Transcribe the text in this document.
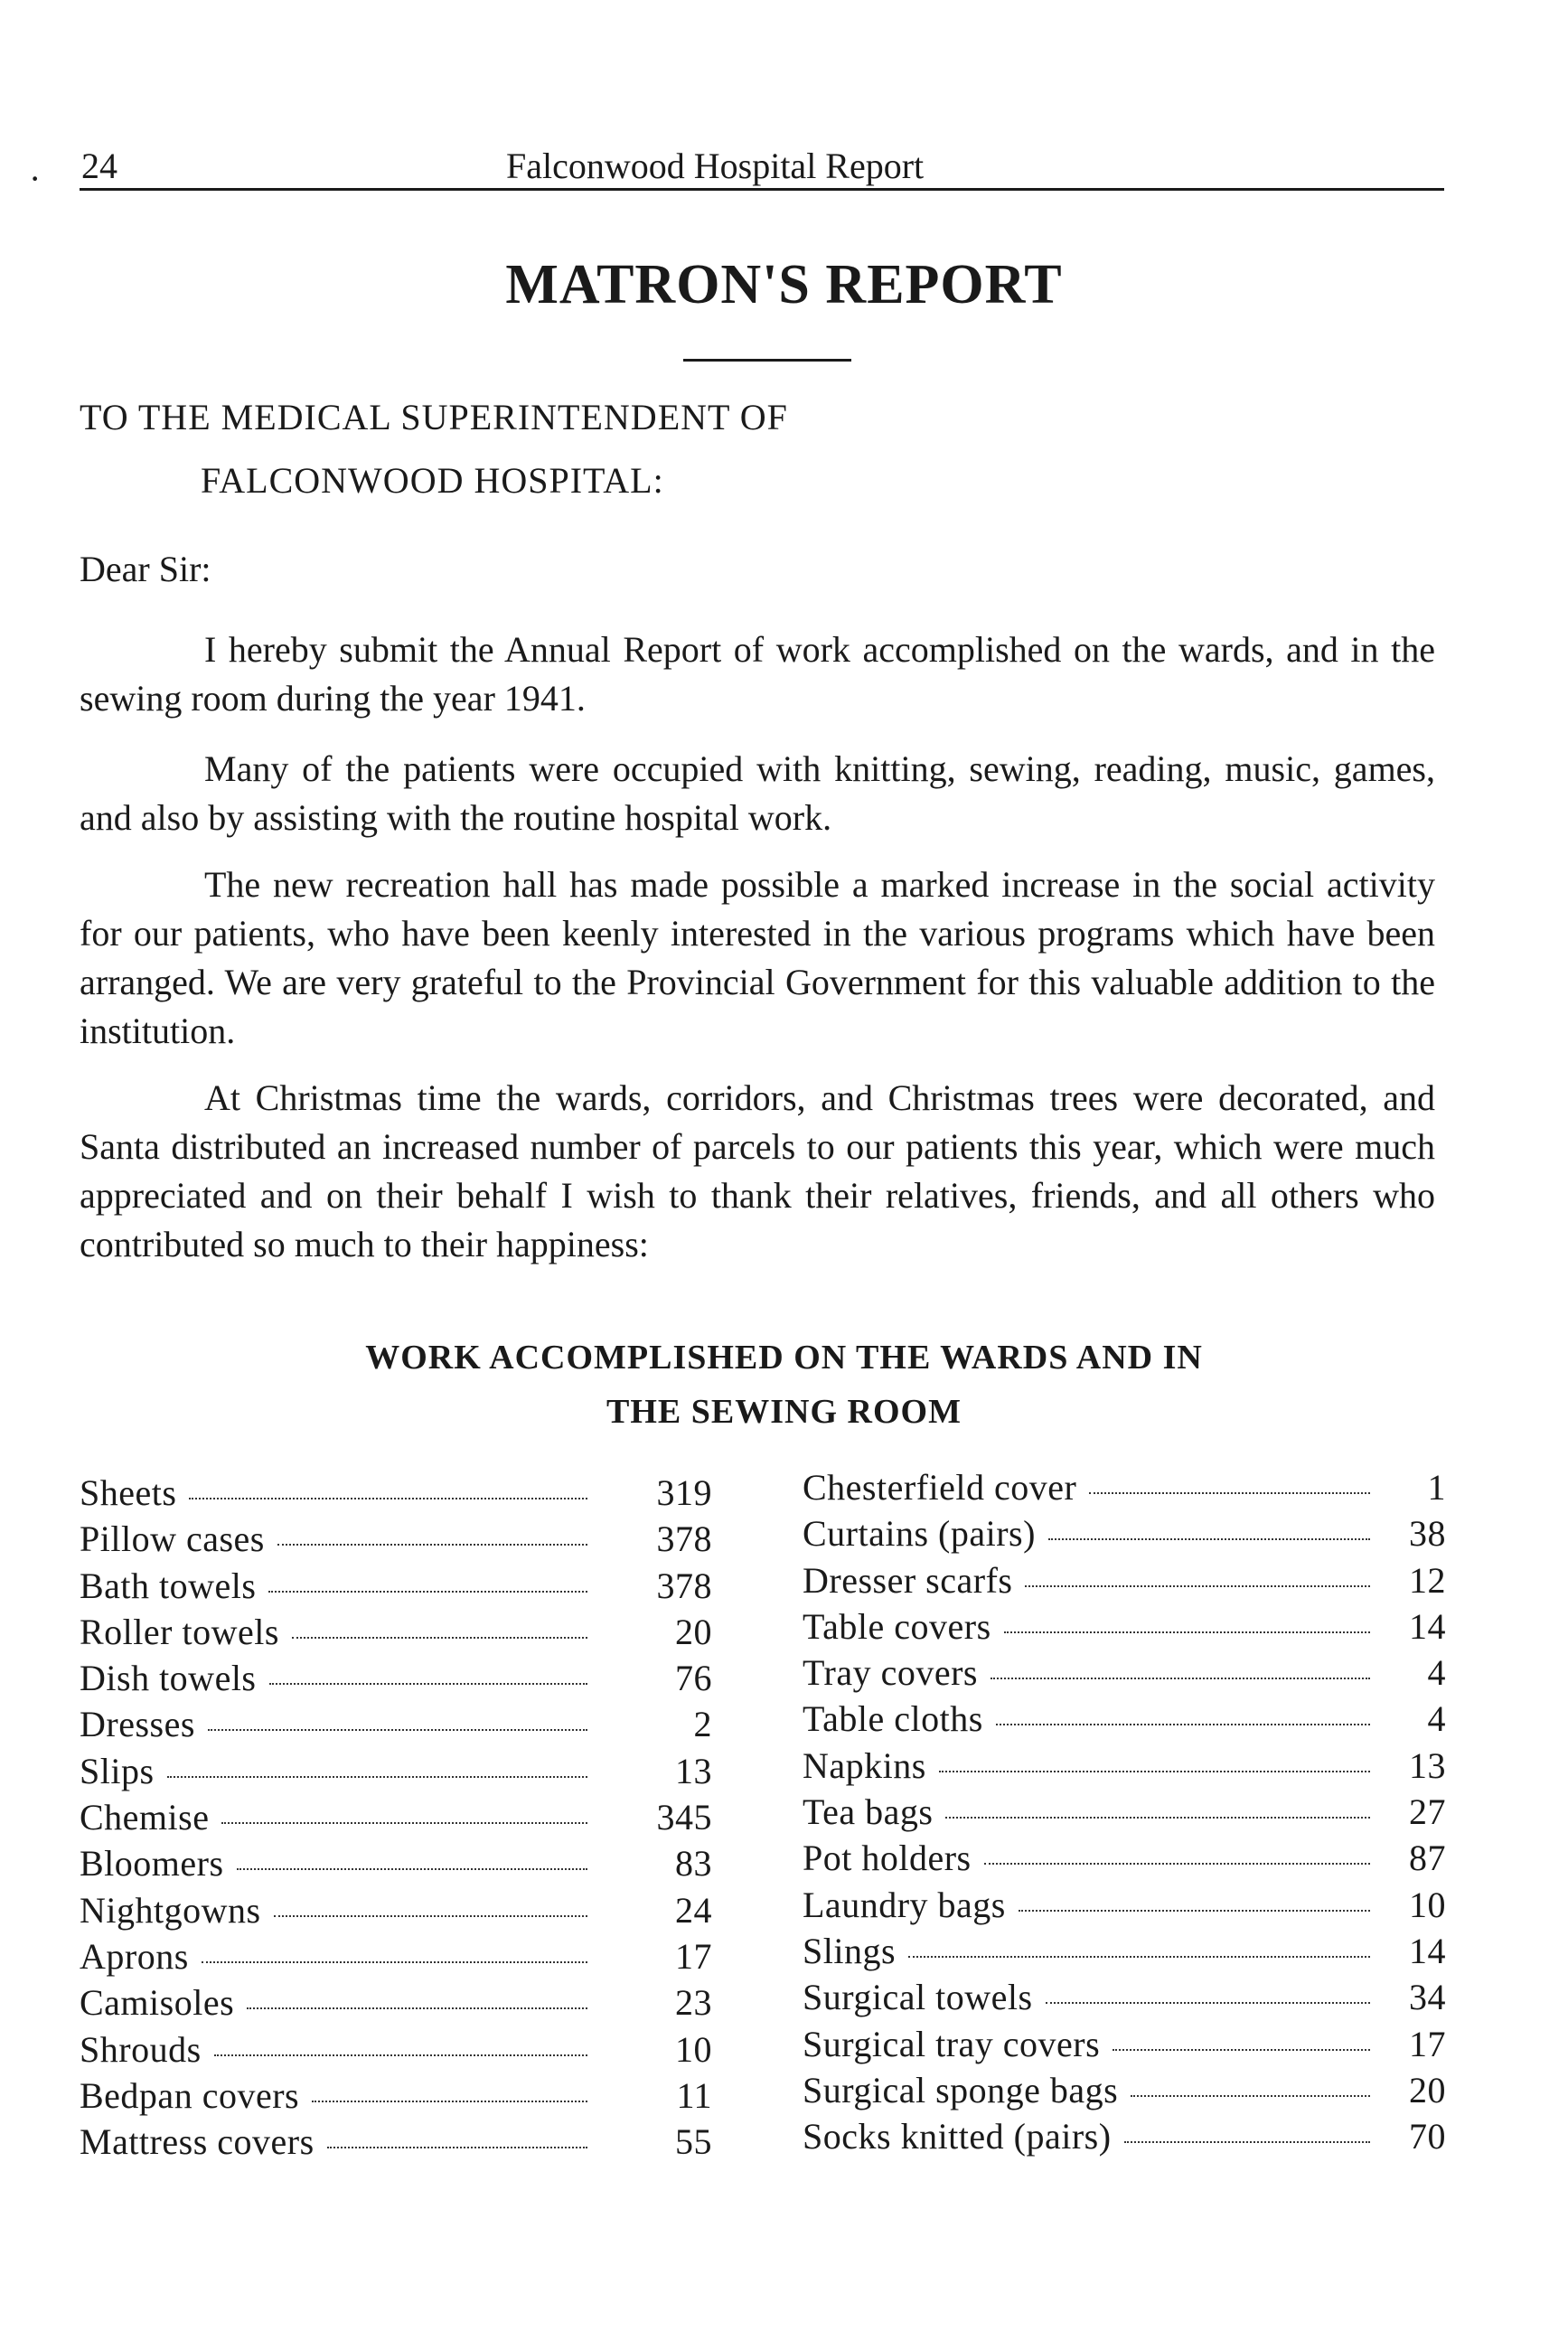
· 24	Falconwood Hospital Report
MATRON'S REPORT
TO THE MEDICAL SUPERINTENDENT OF
FALCONWOOD HOSPITAL:
Dear Sir:

I hereby submit the Annual Report of work accomplished on the wards, and in the sewing room during the year 1941.

Many of the patients were occupied with knitting, sewing, reading, music, games, and also by assisting with the routine hospital work.

The new recreation hall has made possible a marked increase in the social activity for our patients, who have been keenly interested in the various programs which have been arranged. We are very grateful to the Provincial Government for this valuable addition to the institution.

At Christmas time the wards, corridors, and Christmas trees were decorated, and Santa distributed an increased number of parcels to our patients this year, which were much appreciated and on their behalf I wish to thank their relatives, friends, and all others who contributed so much to their happiness:

WORK ACCOMPLISHED ON THE WARDS AND IN
THE SEWING ROOM
Sheets	319
Pillow cases	378
Bath towels	378
Roller towels	20
Dish towels	76
Dresses	2
Slips	13
Chemise	345
Bloomers	83
Nightgowns	24
Aprons	17
Camisoles	23
Shrouds	10
Bedpan covers	11
Mattress covers	55
Chesterfield cover	1
Curtains (pairs)	38
Dresser scarfs	12
Table covers	14
Tray covers	4
Table cloths	4
Napkins	13
Tea bags	27
Pot holders	87
Laundry bags	10
Slings	14
Surgical towels	34
Surgical tray covers	17
Surgical sponge bags	20
Socks knitted (pairs)	70
